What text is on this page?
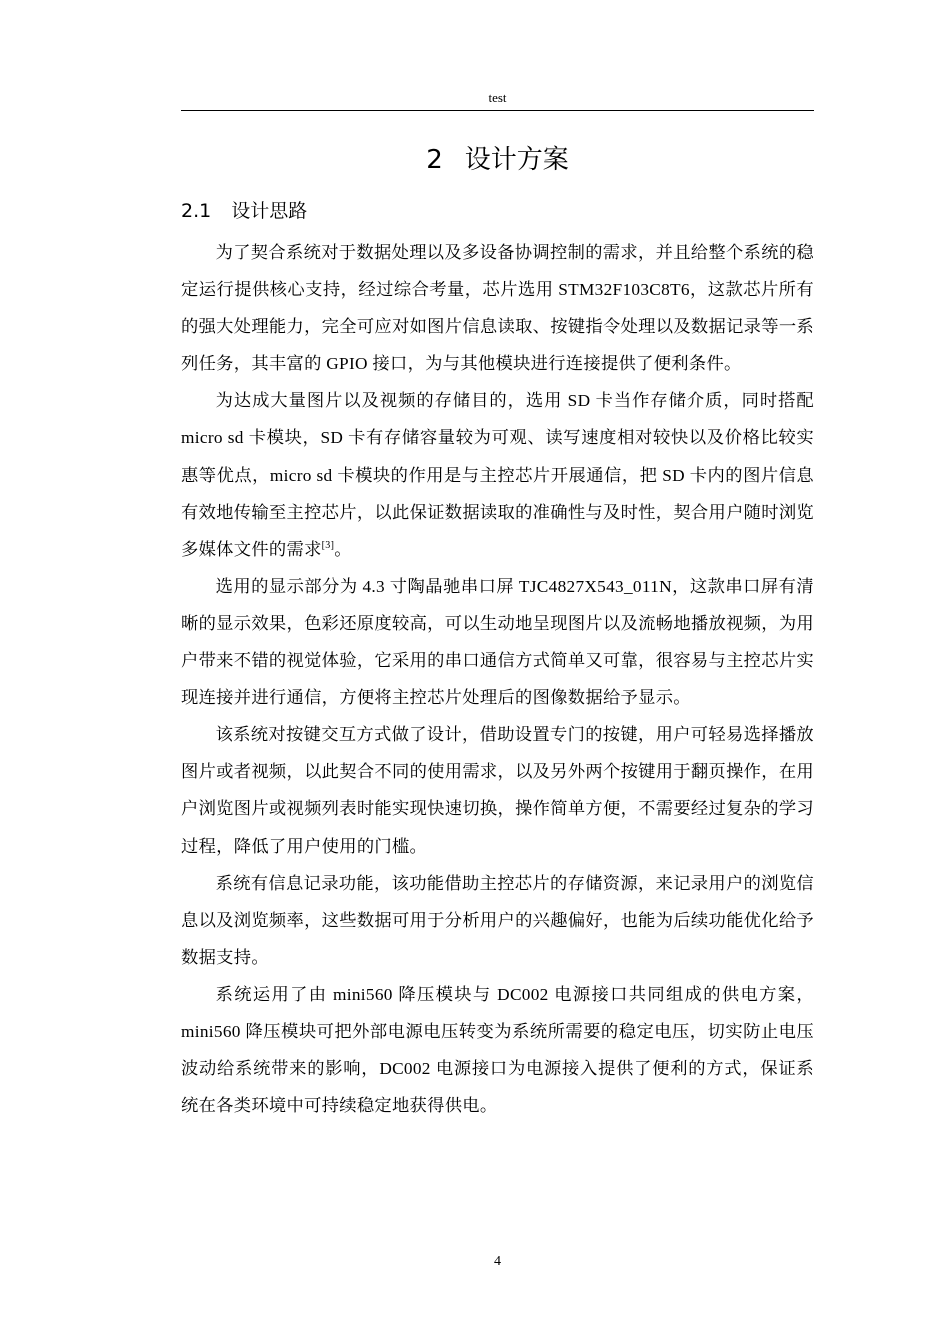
test
2 设计方案
2.1 设计思路

为了契合系统对于数据处理以及多设备协调控制的需求，并且给整个系统的稳定运行提供核心支持，经过综合考量，芯片选用 STM32F103C8T6，这款芯片所有的强大处理能力，完全可应对如图片信息读取、按键指令处理以及数据记录等一系列任务，其丰富的 GPIO 接口，为与其他模块进行连接提供了便利条件。

为达成大量图片以及视频的存储目的，选用 SD 卡当作存储介质，同时搭配 micro sd 卡模块，SD 卡有存储容量较为可观、读写速度相对较快以及价格比较实惠等优点，micro sd 卡模块的作用是与主控芯片开展通信，把 SD 卡内的图片信息有效地传输至主控芯片，以此保证数据读取的准确性与及时性，契合用户随时浏览多媒体文件的需求[3]。

选用的显示部分为 4.3 寸陶晶驰串口屏 TJC4827X543_011N，这款串口屏有清晰的显示效果，色彩还原度较高，可以生动地呈现图片以及流畅地播放视频，为用户带来不错的视觉体验，它采用的串口通信方式简单又可靠，很容易与主控芯片实现连接并进行通信，方便将主控芯片处理后的图像数据给予显示。

该系统对按键交互方式做了设计，借助设置专门的按键，用户可轻易选择播放图片或者视频，以此契合不同的使用需求，以及另外两个按键用于翻页操作，在用户浏览图片或视频列表时能实现快速切换，操作简单方便，不需要经过复杂的学习过程，降低了用户使用的门槛。

系统有信息记录功能，该功能借助主控芯片的存储资源，来记录用户的浏览信息以及浏览频率，这些数据可用于分析用户的兴趣偏好，也能为后续功能优化给予数据支持。

系统运用了由 mini560 降压模块与 DC002 电源接口共同组成的供电方案，mini560 降压模块可把外部电源电压转变为系统所需要的稳定电压，切实防止电压波动给系统带来的影响，DC002 电源接口为电源接入提供了便利的方式，保证系统在各类环境中可持续稳定地获得供电。

4
